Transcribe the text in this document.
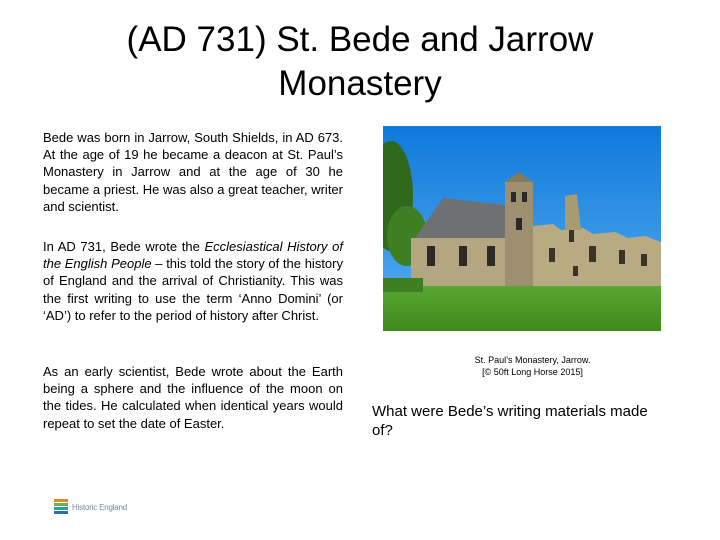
(AD 731) St. Bede and Jarrow
Monastery

Bede was born in Jarrow, South Shields, in AD 673. At the age of 19 he became a deacon at St. Paul’s Monastery in Jarrow and at the age of 30 he became a priest. He was also a great teacher, writer and scientist.

In AD 731, Bede wrote the Ecclesiastical History of the English People – this told the story of the history of England and the arrival of Christianity. This was the first writing to use the term ‘Anno Domini’ (or ‘AD’) to refer to the period of history after Christ.

As an early scientist, Bede wrote about the Earth being a sphere and the influence of the moon on the tides. He calculated when identical years would repeat to set the date of Easter.

St. Paul’s Monastery, Jarrow.
[© 50ft Long Horse 2015]

What were Bede’s writing materials made of?

Historic England
